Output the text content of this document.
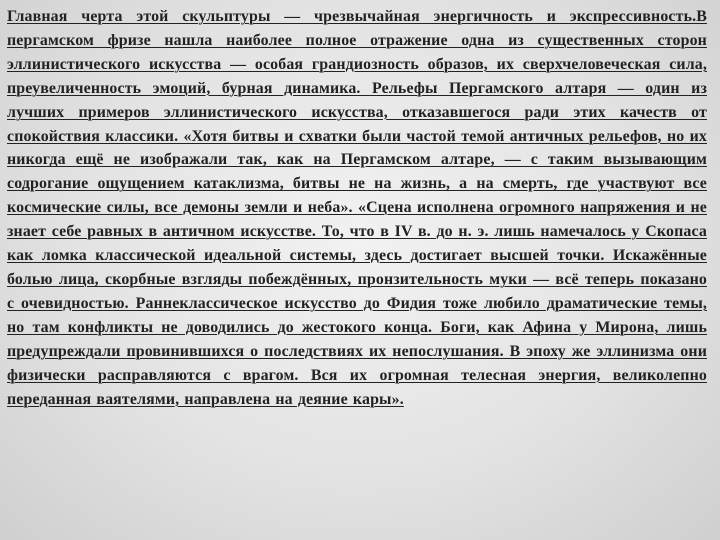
Главная черта этой скульптуры — чрезвычайная энергичность и экспрессивность.В пергамском фризе нашла наиболее полное отражение одна из существенных сторон эллинистического искусства — особая грандиозность образов, их сверхчеловеческая сила, преувеличенность эмоций, бурная динамика. Рельефы Пергамского алтаря — один из лучших примеров эллинистического искусства, отказавшегося ради этих качеств от спокойствия классики. «Хотя битвы и схватки были частой темой античных рельефов, но их никогда ещё не изображали так, как на Пергамском алтаре, — с таким вызывающим содрогание ощущением катаклизма, битвы не на жизнь, а на смерть, где участвуют все космические силы, все демоны земли и неба». «Сцена исполнена огромного напряжения и не знает себе равных в античном искусстве. То, что в IV в. до н. э. лишь намечалось у Скопаса как ломка классической идеальной системы, здесь достигает высшей точки. Искажённые болью лица, скорбные взгляды побеждённых, пронзительность муки — всё теперь показано с очевидностью. Раннеклассическое искусство до Фидия тоже любило драматические темы, но там конфликты не доводились до жестокого конца. Боги, как Афина у Мирона, лишь предупреждали провинившихся о последствиях их непослушания. В эпоху же эллинизма они физически расправляются с врагом. Вся их огромная телесная энергия, великолепно переданная ваятелями, направлена на деяние кары».
